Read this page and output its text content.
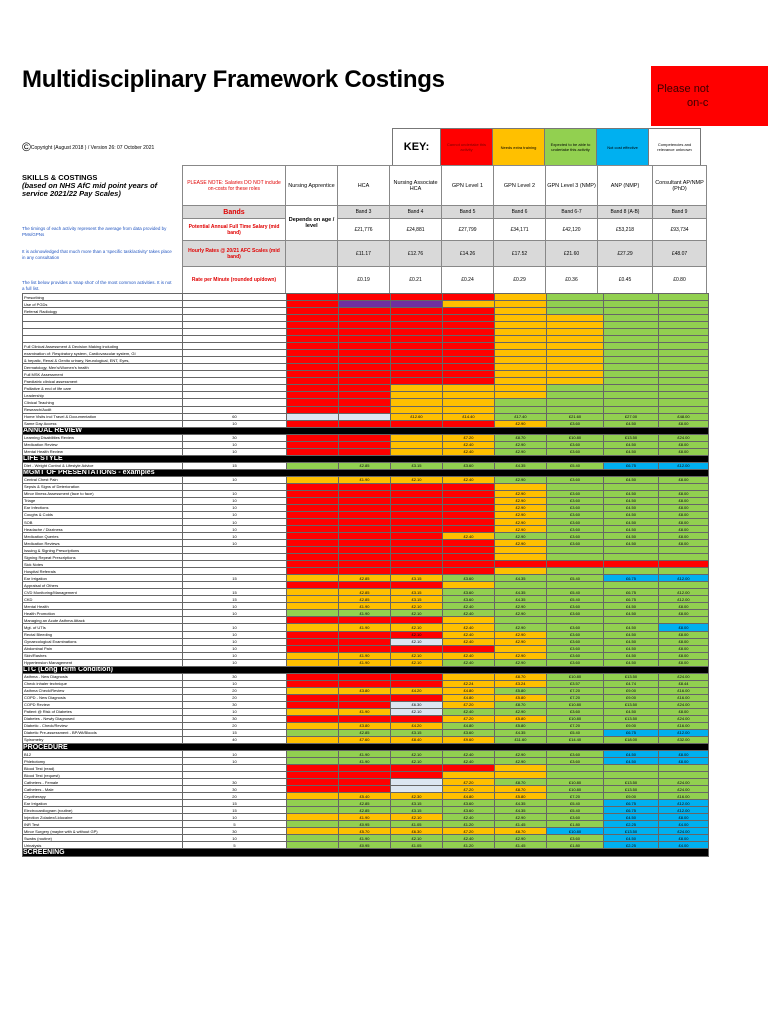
Multidisciplinary Framework Costings	Please not
on-c
©Copyright (August 2018 ) / Version 26: 07 October 2021	KEY:	Cannot undertake this activity	Needs extra training	Expected to be able to undertake this activity	Not cost effective	Competencies and relevance unknown
SKILLS & COSTINGS
(based on NHS AfC mid point years of service 2021/22 Pay Scales)
The timings of each activity represent the average from data provided by PMs/GPNs
It is acknowledged that much more than a 'specific task/activity' takes place in any consultation
The list below provides a 'snap shot' of the most common activities. It is not a full list.
PLEASE NOTE: Salaries DO NOT include on-costs for these roles	Nursing Apprentice	HCA	Nursing Associate HCA	GPN Level 1	GPN Level 2	GPN Level 3 (NMP)	ANP (NMP)	Consultant AP/NMP (PhD)
Bands	Depends on age / level	Band 3	Band 4	Band 5	Band 6	Band 6-7	Band 8 (A-B)	Band 9
Potential Annual Full Time Salary (mid band)		£21,776	£24,881	£27,799	£34,171	£42,120	£53,218	£93,734
Hourly Rates @ 20/21 AFC Scales (mid band)		£11.17	£12.76	£14.26	£17.52	£21.60	£27.29	£48.07
Rate per Minute (rounded up/down)		£0.19	£0.21	£0.24	£0.29	£0.36	£0.45	£0.80
Prescribing									
Use of PGDs									
Referral Radiology									

Full Clinical Assessment & Decision Making including									
examination of: Respiratory system, Cardiovascular system, GI									
& hepatic, Renal & Genito urinary, Neurological, ENT, Eyes,									
Dermatology, Men's/Women's health									
Full MSK Assessment									
Paediatric clinical assessment									
Palliative & end of life care									
Leadership									
Clinical Teaching									
Research/Audit									
Home Visits incl Travel & Documentation	60			£12.60	£14.40	£17.40	£21.60	£27.00	£48.00
Same Day Access	10					£2.90	£3.60	£4.50	£8.00
ANNUAL REVIEW									
Learning Disabilities Review	30				£7.20	£8.70	£10.80	£13.50	£24.00
Medication Review	10				£2.40	£2.90	£3.60	£4.50	£8.00
Mental Health Review	10				£2.40	£2.90	£3.60	£4.50	£8.00
LIFE STYLE									
Diet - Weight Control & Lifestyle Advice	15		£2.85	£3.15	£3.60	£4.35	£5.40	£6.75	£12.00
MGMT OF PRESENTATIONS - examples									
Central Chest Pain	10		£1.90	£2.10	£2.40	£2.90	£3.60	£4.50	£8.00
Sepsis & Signs of Deterioration									
Minor Illness Assessment (face to face)	10					£2.90	£3.60	£4.50	£8.00
Triage	10					£2.90	£3.60	£4.50	£8.00
Ear Infections	10					£2.90	£3.60	£4.50	£8.00
Coughs & Colds	10					£2.90	£3.60	£4.50	£8.00
SOB	10					£2.90	£3.60	£4.50	£8.00
Headache / Dizziness	10					£2.90	£3.60	£4.50	£8.00
Medication Queries	10				£2.40	£2.90	£3.60	£4.50	£8.00
Medication Reviews	10					£2.90	£3.60	£4.50	£8.00
Issuing & Signing Prescriptions									
Signing Repeat Prescriptions									
Sick Notes									
Hospital Referrals									
Ear Irrigation	15		£2.85	£3.15	£3.60	£4.35	£5.40	£6.75	£12.00
Appraisal of Others									
CVD Monitoring/Management	15		£2.85	£3.15	£3.60	£4.35	£5.40	£6.75	£12.00
CKD	15		£2.85	£3.15	£3.60	£4.35	£5.40	£6.75	£12.00
Mental Health	10		£1.90	£2.10	£2.40	£2.90	£3.60	£4.50	£8.00
Health Promotion	10		£1.90	£2.10	£2.40	£2.90	£3.60	£4.50	£8.00
Managing an Acute Asthma Attack									
Mgt. of UTIs	10		£1.90	£2.10	£2.40	£2.90	£3.60	£4.50	£8.00
Rectal Bleeding	10			£2.10	£2.40	£2.90	£3.60	£4.50	£8.00
Gynaecological Examinations	10			£2.10	£2.40	£2.90	£3.60	£4.50	£8.00
Abdominal Pain	10						£3.60	£4.50	£8.00
Skin/Rashes	10		£1.90	£2.10	£2.40	£2.90	£3.60	£4.50	£8.00
Hypertension Management	10		£1.90	£2.10	£2.40	£2.90	£3.60	£4.50	£8.00
LTC (Long Term Condition)									
Asthma - New Diagnosis	30					£8.70	£10.80	£13.50	£24.00
Check inhaler technique	10				£2.24	£3.24	£3.57	£4.74	£8.44
Asthma Check/Review	20		£3.80	£4.20	£4.80	£5.80	£7.20	£9.00	£16.00
COPD - New Diagnosis	20				£4.80	£5.80	£7.20	£9.00	£16.00
COPD Review	30			£6.30	£7.20	£8.70	£10.80	£13.50	£24.00
Patient @ Risk of Diabetes	10		£1.90	£2.10	£2.40	£2.90	£3.60	£4.50	£8.00
Diabetes - Newly Diagnosed	30				£7.20	£5.80	£10.80	£13.50	£24.00
Diabetic - Check/Review	20		£3.80	£4.20	£4.80	£5.80	£7.20	£9.00	£16.00
Diabetic Pre-assessment - BP/Wt/Bloods	15		£2.85	£3.15	£3.60	£4.35	£5.40	£6.75	£12.00
Spirometry	40		£7.60	£8.40	£9.60	£11.60	£14.40	£18.00	£32.00
PROCEDURE									
B12	10		£1.90	£2.10	£2.40	£2.90	£3.60	£4.50	£8.00
Phlebotomy	10		£1.90	£2.10	£2.40	£2.90	£3.60	£4.50	£8.00
Blood Test (read)									
Blood Test (request)									
Catheters - Female	30				£7.20	£8.70	£10.80	£13.50	£24.00
Catheters - Male	30				£7.20	£8.70	£10.80	£13.50	£24.00
Cryotherapy	20		£5.40	£2.30	£4.80	£5.80	£7.20	£9.00	£16.00
Ear Irrigation	15		£2.85	£3.15	£3.60	£4.35	£5.40	£6.75	£12.00
Electrocardiogram (routine)	15		£2.85	£3.15	£3.60	£4.35	£5.40	£6.75	£12.00
Injection Zoladex/Lidocaine	10		£1.90	£2.10	£2.40	£2.90	£3.60	£4.50	£8.00
INR Test	5		£0.95	£1.05	£1.20	£1.45	£1.80	£2.25	£4.00
Minor Surgery (maybe with & without GP)	30		£5.70	£6.30	£7.20	£8.70	£10.80	£13.50	£24.00
Swabs (routine)	10		£1.90	£2.10	£2.40	£2.90	£3.60	£4.50	£8.00
Urinalysis	5		£0.95	£1.05	£1.20	£1.45	£1.80	£2.25	£4.00
SCREENING									
